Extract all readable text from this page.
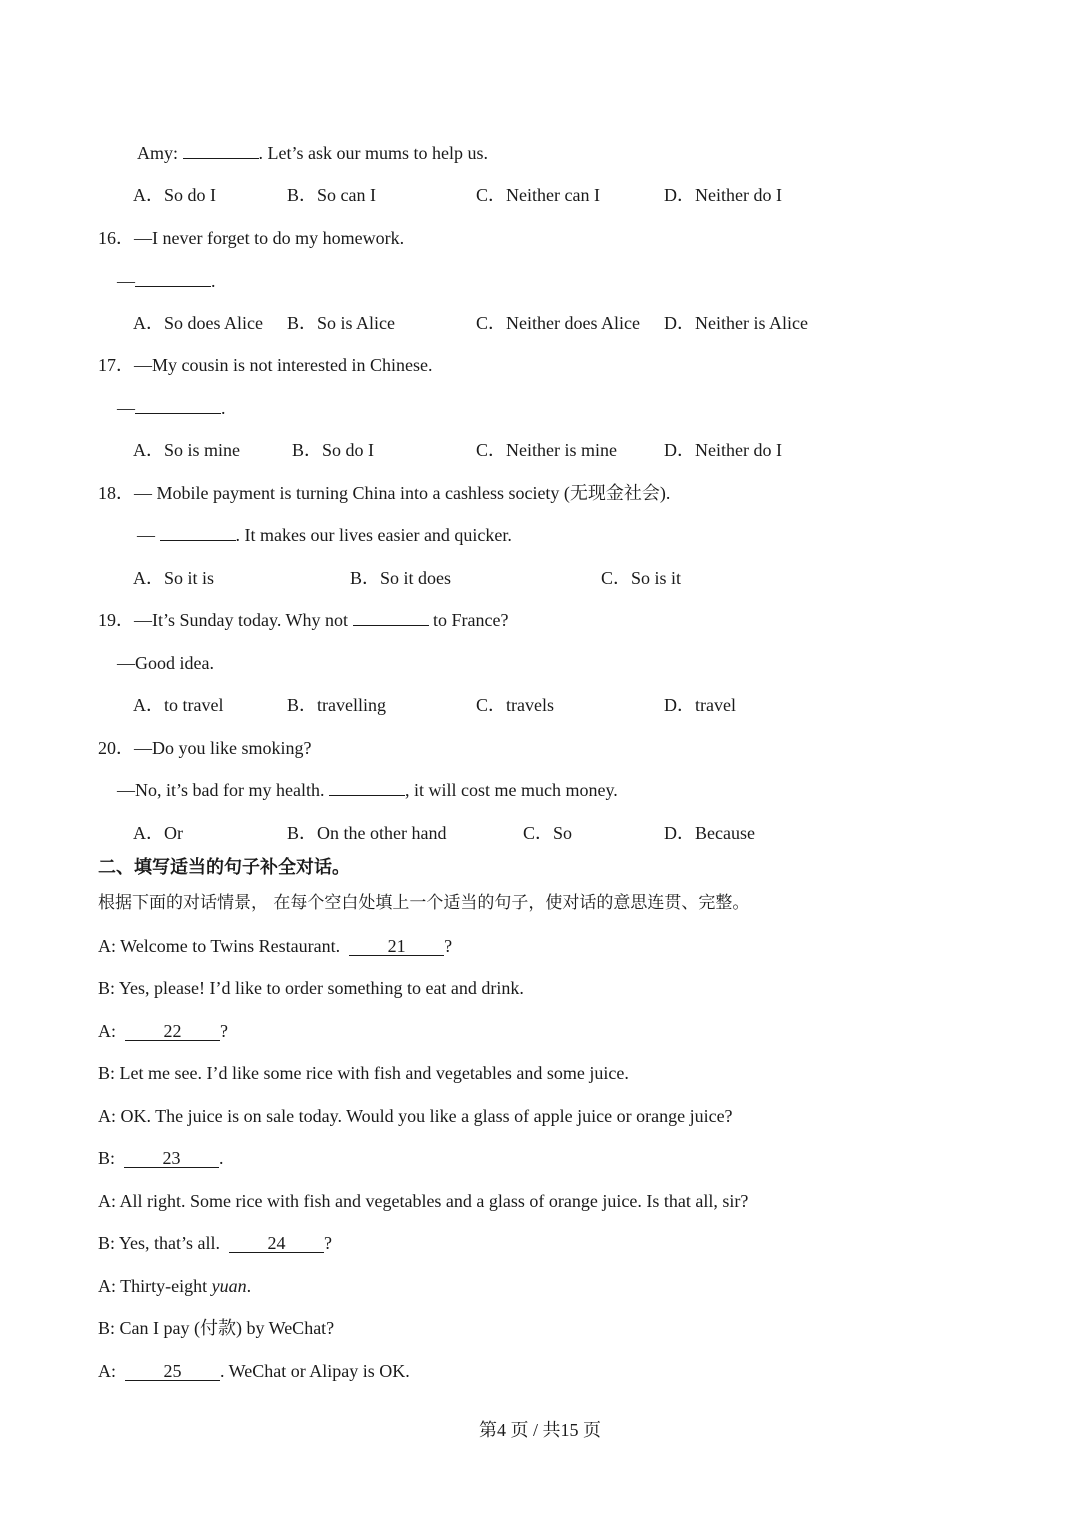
Amy:	. Let’s ask our mums to help us.
A．So do I	B．So can I	C．Neither can I	D．Neither do I
16．—I never forget to do my homework.
—	.
A．So does Alice B．So is Alice	C．Neither does Alice D．Neither is Alice
17．—My cousin is not interested in Chinese.
—	.
A．So is mine	B．So do I	C．Neither is mine	D．Neither do I
18．— Mobile payment is turning China into a cashless society (无现金社会).
—	. It makes our lives easier and quicker.
A．So it is	B．So it does	C．So is it
19．—It’s Sunday today. Why not	to France?
—Good idea.
A．to travel	B．travelling	C．travels	D．travel
20．—Do you like smoking?
—No, it’s bad for my health.	, it will cost me much money.
A．Or	B．On the other hand	C．So	D．Because
二、填写适当的句子补全对话。
根据下面的对话情景， 在每个空白处填上一个适当的句子，使对话的意思连贯、完整。
A: Welcome to Twins Restaurant.  21 ?
B: Yes, please! I’d like to order something to eat and drink.
A:  22 ?
B: Let me see. I’d like some rice with fish and vegetables and some juice.
A: OK. The juice is on sale today. Would you like a glass of apple juice or orange juice?
B:  23 .
A: All right. Some rice with fish and vegetables and a glass of orange juice. Is that all, sir?
B: Yes, that’s all.  24 ?
A: Thirty-eight yuan.
B: Can I pay (付款) by WeChat?
A:  25 . WeChat or Alipay is OK.
第4 页 / 共15 页
